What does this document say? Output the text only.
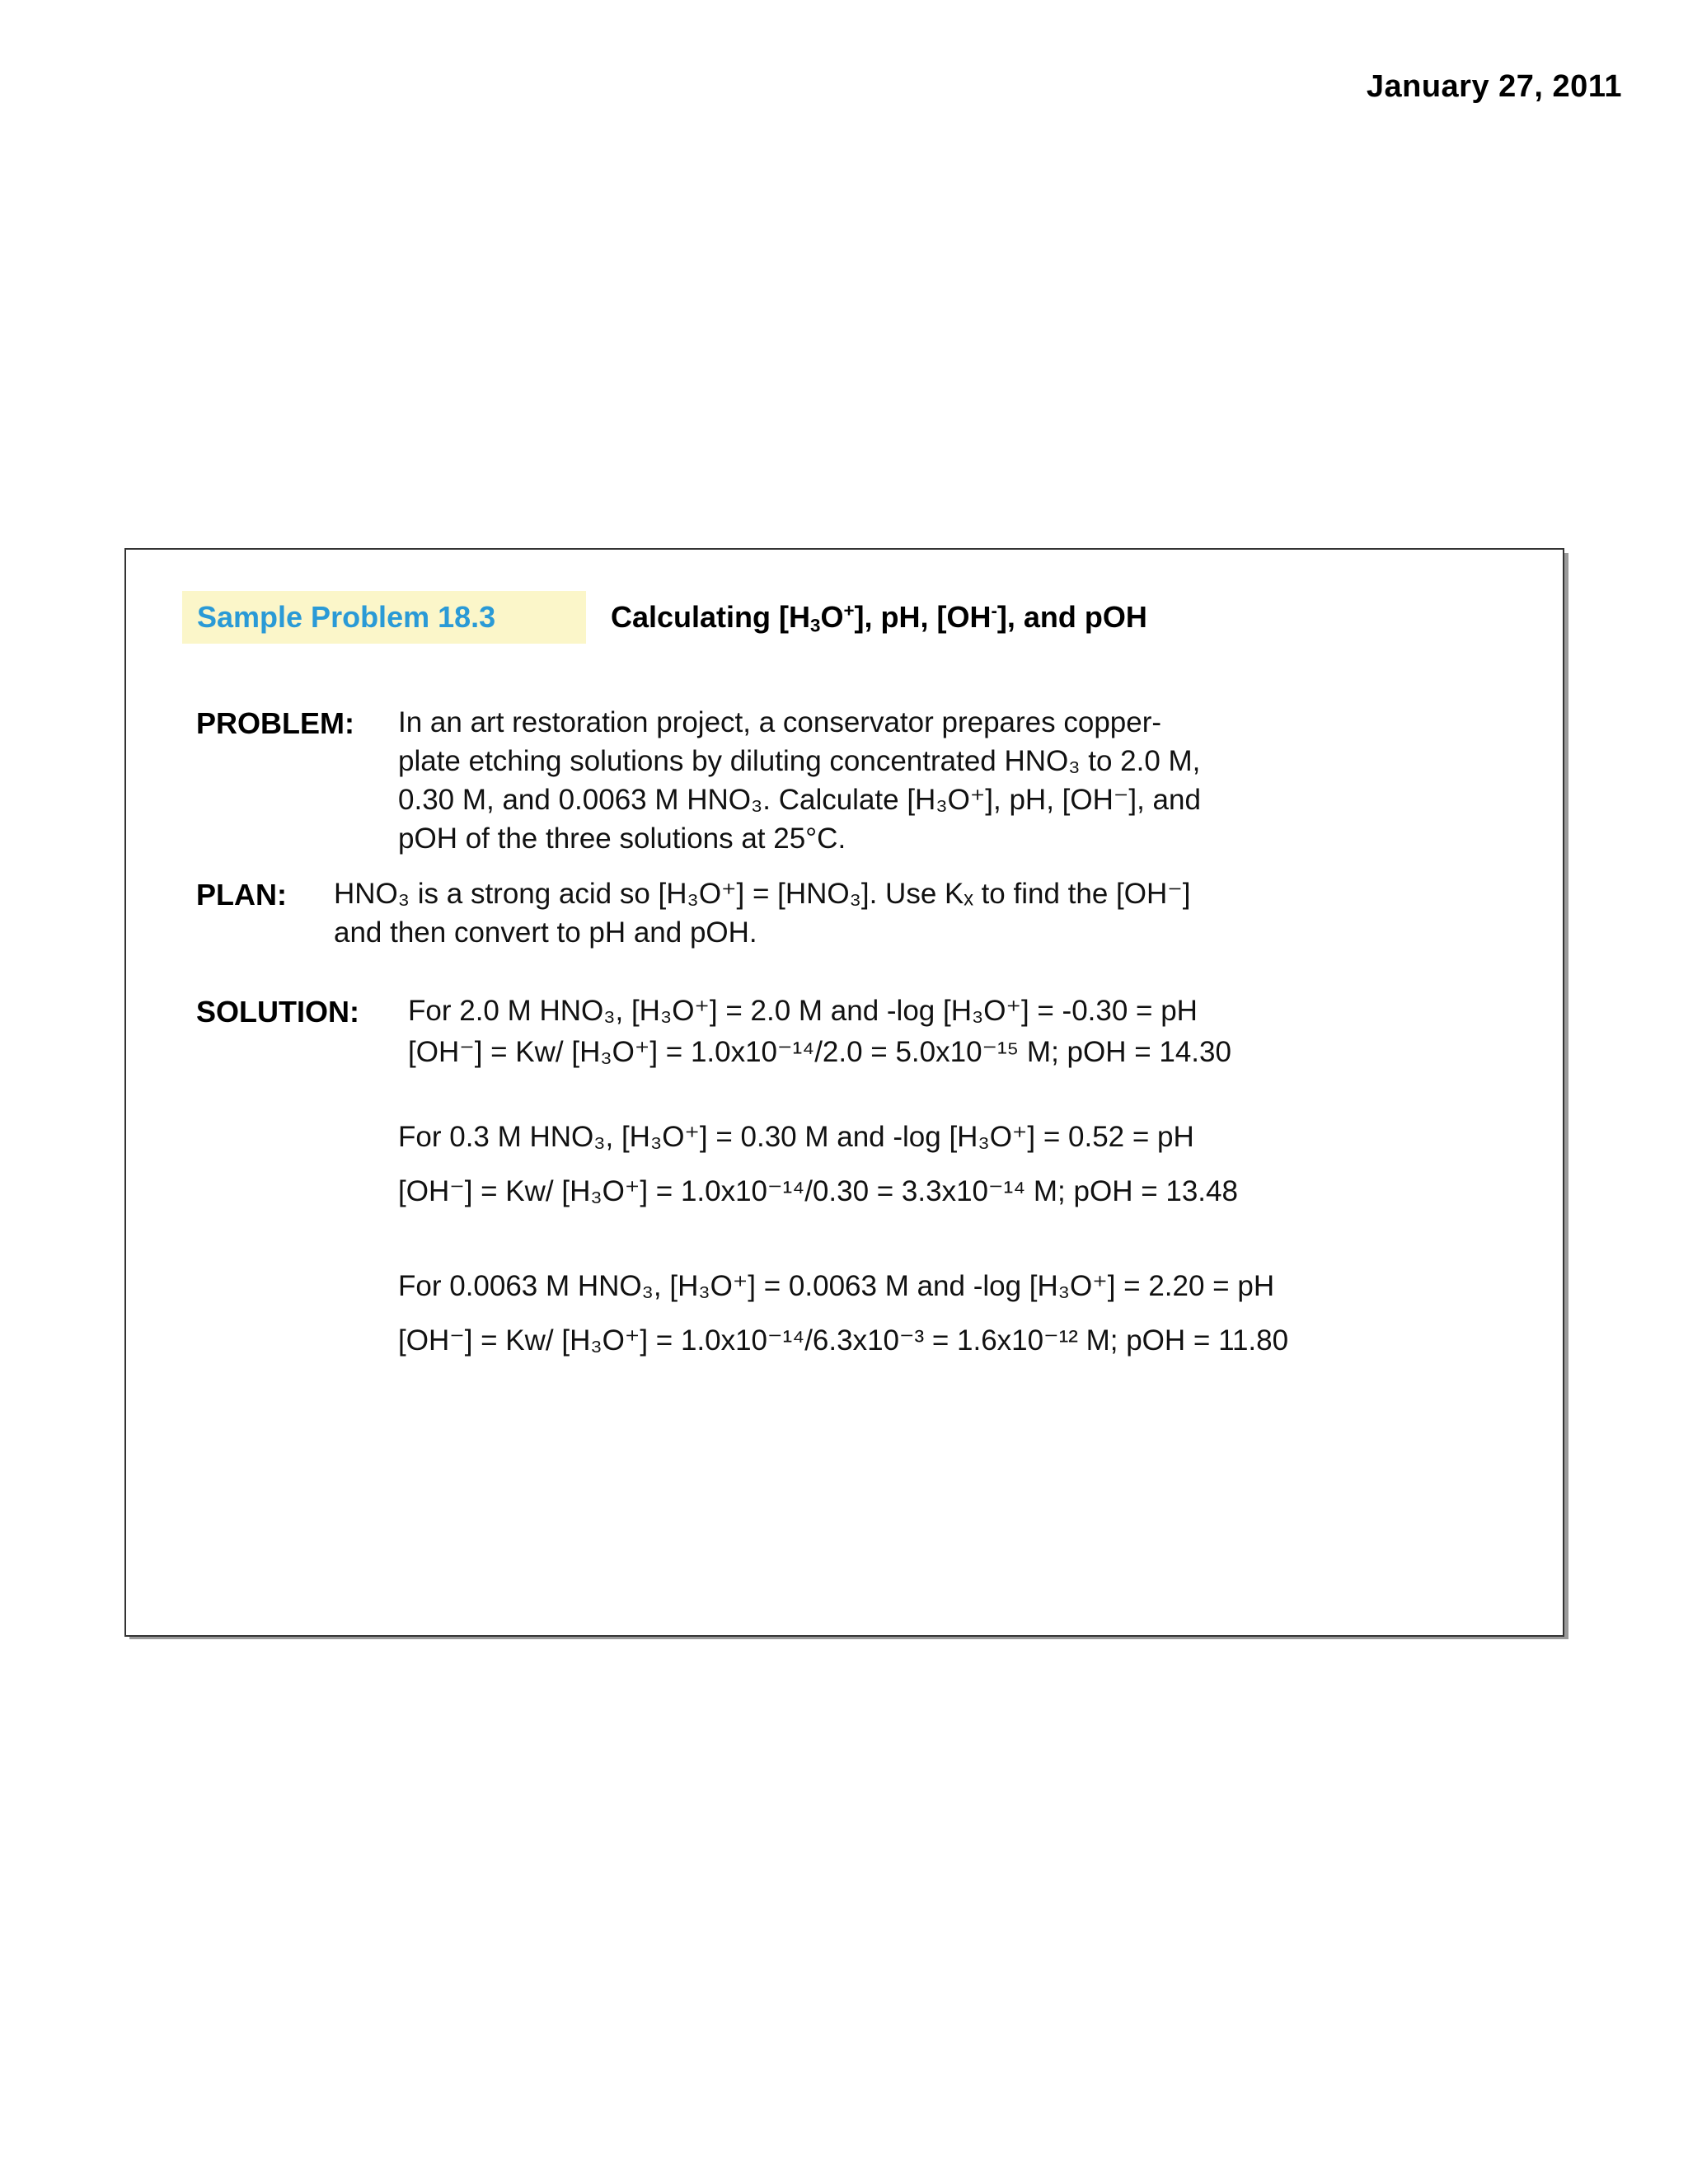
January 27, 2011
Sample Problem 18.3	Calculating $[H_3O^+]$, pH, [OH-], and pOH
PROBLEM: In an art restoration project, a conservator prepares copper-
plate etching solutions by diluting concentrated HNO₃ to 2.0 M,
0.30 M, and 0.0063 M HNO₃. Calculate [H₃O⁺], pH, [OH⁻], and
pOH of the three solutions at 25°C.
PLAN: HNO₃ is a strong acid so [H₃O⁺] = [HNO₃]. Use Kₓ to find the [OH⁻]
and then convert to pH and pOH.
SOLUTION: For 2.0 M HNO₃, [H₃O⁺] = 2.0 M and -log [H₃O⁺] = -0.30 = pH
[OH⁻] = Kw/ [H₃O⁺] = 1.0x10⁻¹⁴/2.0 = 5.0x10⁻¹⁵ M; pOH = 14.30
For 0.3 M HNO₃, [H₃O⁺] = 0.30 M and -log [H₃O⁺] = 0.52 = pH
[OH⁻] = Kw/ [H₃O⁺] = 1.0x10⁻¹⁴/0.30 = 3.3x10⁻¹⁴ M; pOH = 13.48
For 0.0063 M HNO₃, [H₃O⁺] = 0.0063 M and -log [H₃O⁺] = 2.20 = pH
[OH⁻] = Kw/ [H₃O⁺] = 1.0x10⁻¹⁴/6.3x10⁻³ = 1.6x10⁻¹² M; pOH = 11.80
